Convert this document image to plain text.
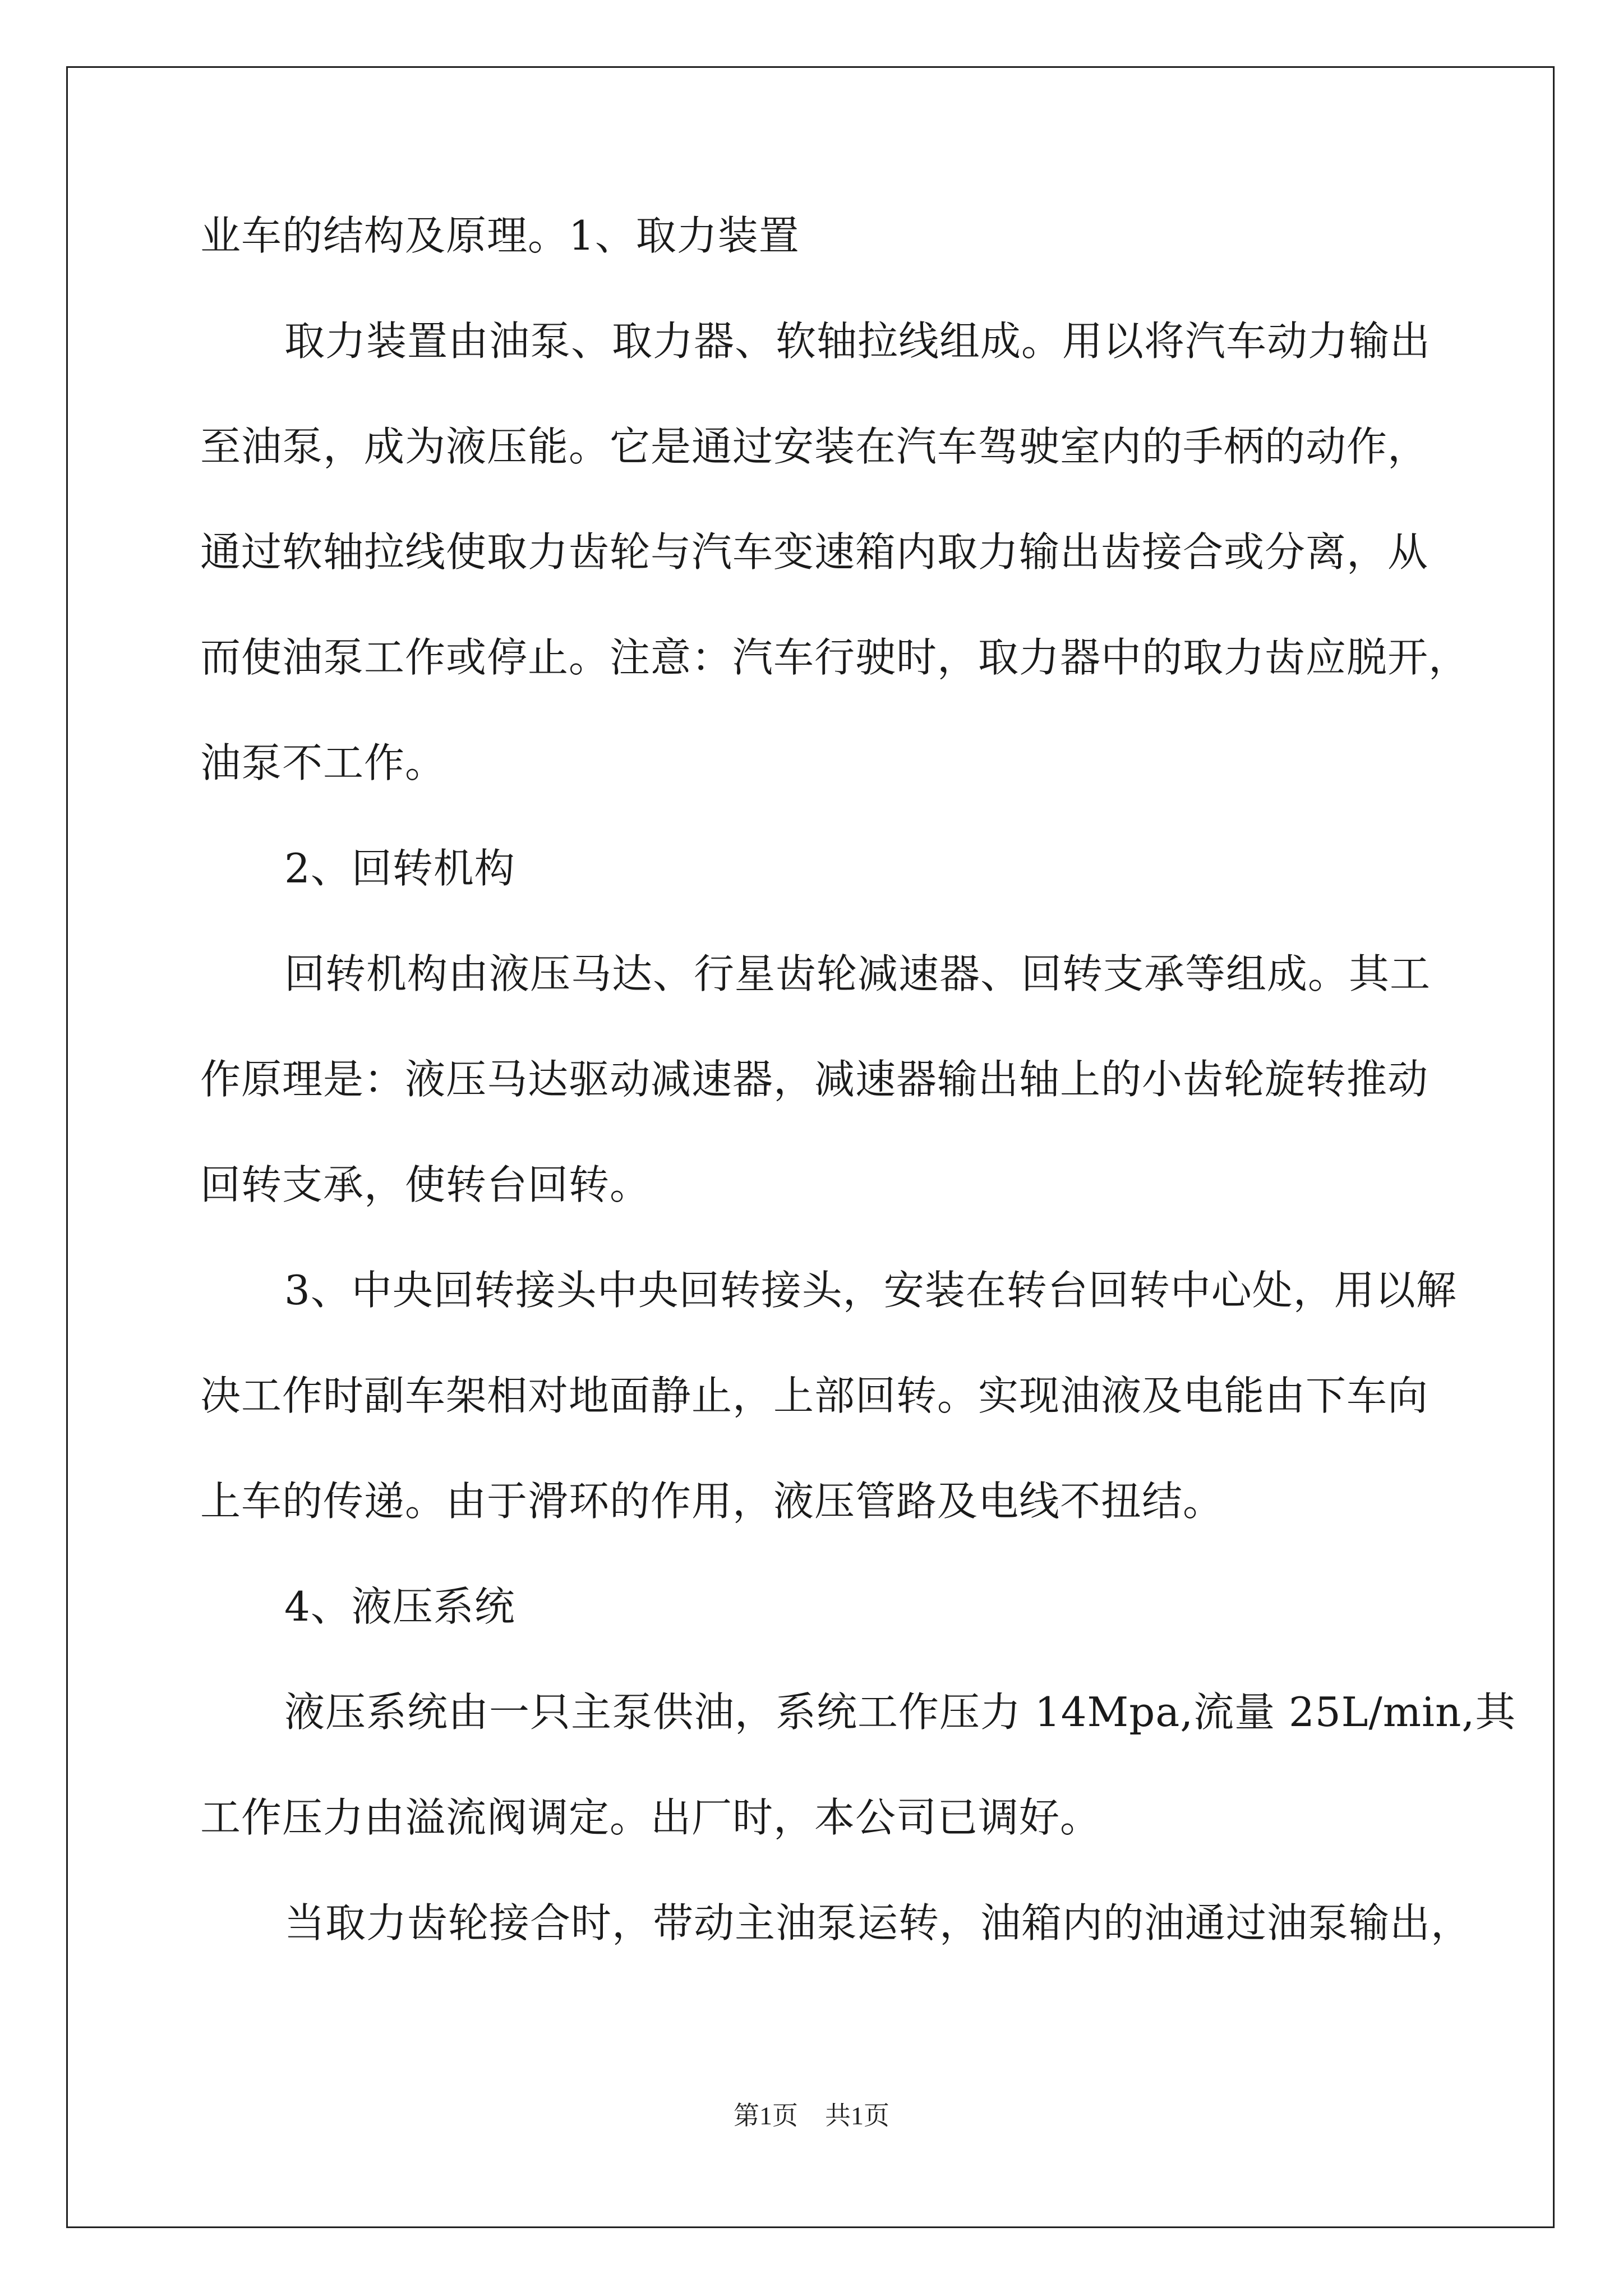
业车的结构及原理。1、取力装置
取力装置由油泵、取力器、软轴拉线组成。用以将汽车动力输出
至油泵，成为液压能。它是通过安装在汽车驾驶室内的手柄的动作，
通过软轴拉线使取力齿轮与汽车变速箱内取力输出齿接合或分离，从
而使油泵工作或停止。注意：汽车行驶时，取力器中的取力齿应脱开，
油泵不工作。
2、回转机构
回转机构由液压马达、行星齿轮减速器、回转支承等组成。其工
作原理是：液压马达驱动减速器，减速器输出轴上的小齿轮旋转推动
回转支承，使转台回转。
3、中央回转接头中央回转接头，安装在转台回转中心处，用以解
决工作时副车架相对地面静止，上部回转。实现油液及电能由下车向
上车的传递。由于滑环的作用，液压管路及电线不扭结。
4、液压系统
液压系统由一只主泵供油，系统工作压力 14Mpa,流量 25L/min,其
工作压力由溢流阀调定。出厂时，本公司已调好。
当取力齿轮接合时，带动主油泵运转，油箱内的油通过油泵输出，
第1页 共1页
